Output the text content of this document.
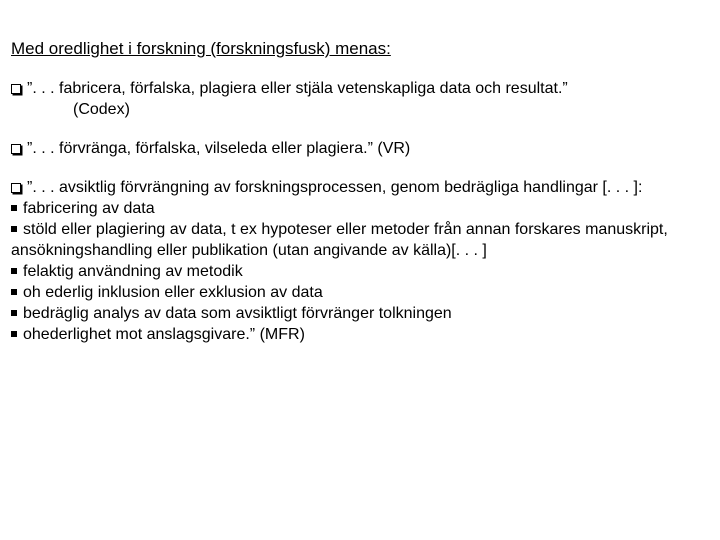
Med oredlighet i forskning (forskningsfusk) menas:
”. . . fabricera, förfalska, plagiera eller stjäla vetenskapliga data och resultat.”
(Codex)
”. . . förvränga, förfalska, vilseleda eller plagiera.” (VR)
”. . . avsiktlig förvrängning av forskningsprocessen, genom bedrägliga handlingar [. . . ]:
fabricering av data
stöld eller plagiering av data, t ex hypoteser eller metoder från annan forskares manuskript, ansökningshandling eller publikation (utan angivande av källa)[. . . ]
felaktig användning av metodik
oh ederlig inklusion eller exklusion av data
bedräglig analys av data som avsiktligt förvränger tolkningen
ohederlighet mot anslagsgivare.” (MFR)
